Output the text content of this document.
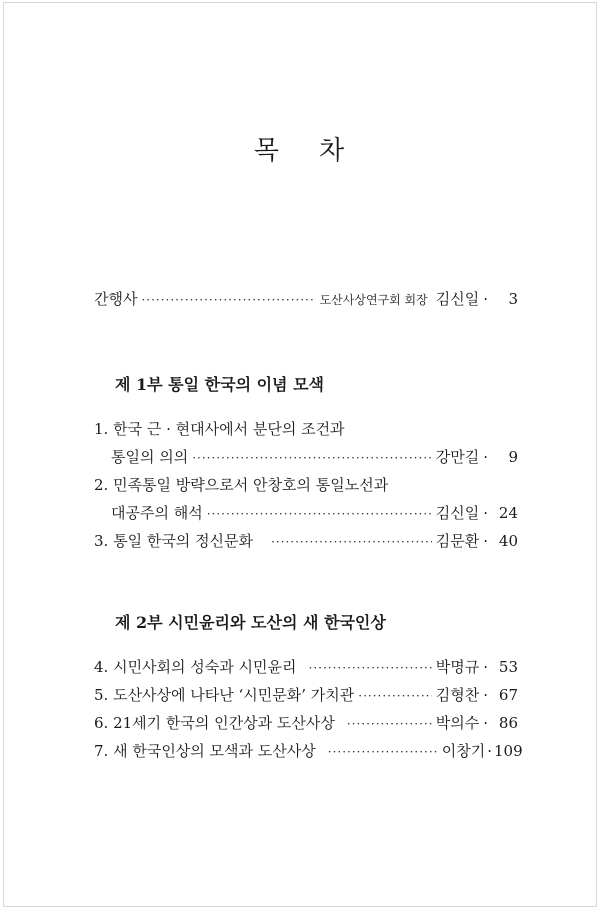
목 차
간행사 ·····	도산사상연구회 회장 김신일 ·	3
제 1부 통일 한국의 이념 모색
1. 한국 근 · 현대사에서 분단의 조건과
통일의 의의 ·····	강만길 ·	9
2. 민족통일 방략으로서 안창호의 통일노선과
대공주의 해석 ·····	김신일 · 24
3. 통일 한국의 정신문화 ·····	김문환 · 40
제 2부 시민윤리와 도산의 새 한국인상
4. 시민사회의 성숙과 시민윤리 ·····	박명규 · 53
5. 도산사상에 나타난 ‘시민문화’ 가치관 ·····	김형찬 · 67
6. 21세기 한국의 인간상과 도산사상 ·····	박의수 · 86
7. 새 한국인상의 모색과 도산사상 ·····	이창기 · 109
